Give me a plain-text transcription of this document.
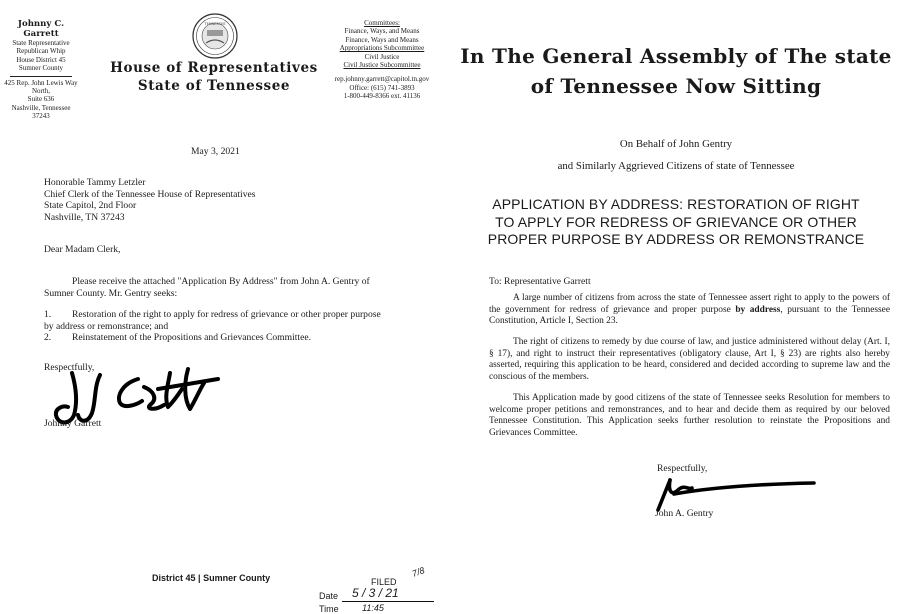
Johnny C. Garrett
State Representative
Republican Whip
House District 45
Sumner County
425 Rep. John Lewis Way North,
Suite 636
Nashville, Tennessee 37243
TENNESSEE
House of Representatives
State of Tennessee
Committees:
Finance, Ways, and Means
Finance, Ways and Means
Appropriations Subcommittee
Civil Justice
Civil Justice Subcommittee
rep.johnny.garrett@capitol.tn.gov
Office: (615) 741-3893
1-800-449-8366 ext. 41136
May 3, 2021
Honorable Tammy Letzler
Chief Clerk of the Tennessee House of Representatives
State Capitol, 2nd Floor
Nashville, TN 37243
Dear Madam Clerk,
Please receive the attached "Application By Address" from John A. Gentry of
Sumner County. Mr. Gentry seeks:
1. Restoration of the right to apply for redress of grievance or other proper purpose
by address or remonstrance; and
2. Reinstatement of the Propositions and Grievances Committee.
Respectfully,
Johnny Garrett
District 45 | Sumner County	FILED
7/8
Date 5 / 3 / 21
Time	11:45
In The General Assembly of The state
of Tennessee Now Sitting
On Behalf of John Gentry
and Similarly Aggrieved Citizens of state of Tennessee
APPLICATION BY ADDRESS: RESTORATION OF RIGHT
TO APPLY FOR REDRESS OF GRIEVANCE OR OTHER
PROPER PURPOSE BY ADDRESS OR REMONSTRANCE
To: Representative Garrett
A large number of citizens from across the state of Tennessee assert right to apply to the powers of the government for redress of grievance and proper purpose by address, pursuant to the Tennessee Constitution, Article I, Section 23.
The right of citizens to remedy by due course of law, and justice administered without delay (Art. I, § 17), and right to instruct their representatives (obligatory clause, Art I, § 23) are rights also hereby asserted, requiring this application to be heard, considered and decided according to supreme law and the conscious of the members.
This Application made by good citizens of the state of Tennessee seeks Resolution for members to welcome proper petitions and remonstrances, and to hear and decide them as required by our beloved Tennessee Constitution. This Application seeks further resolution to reinstate the Propositions and Grievances Committee.
Respectfully,
John A. Gentry
